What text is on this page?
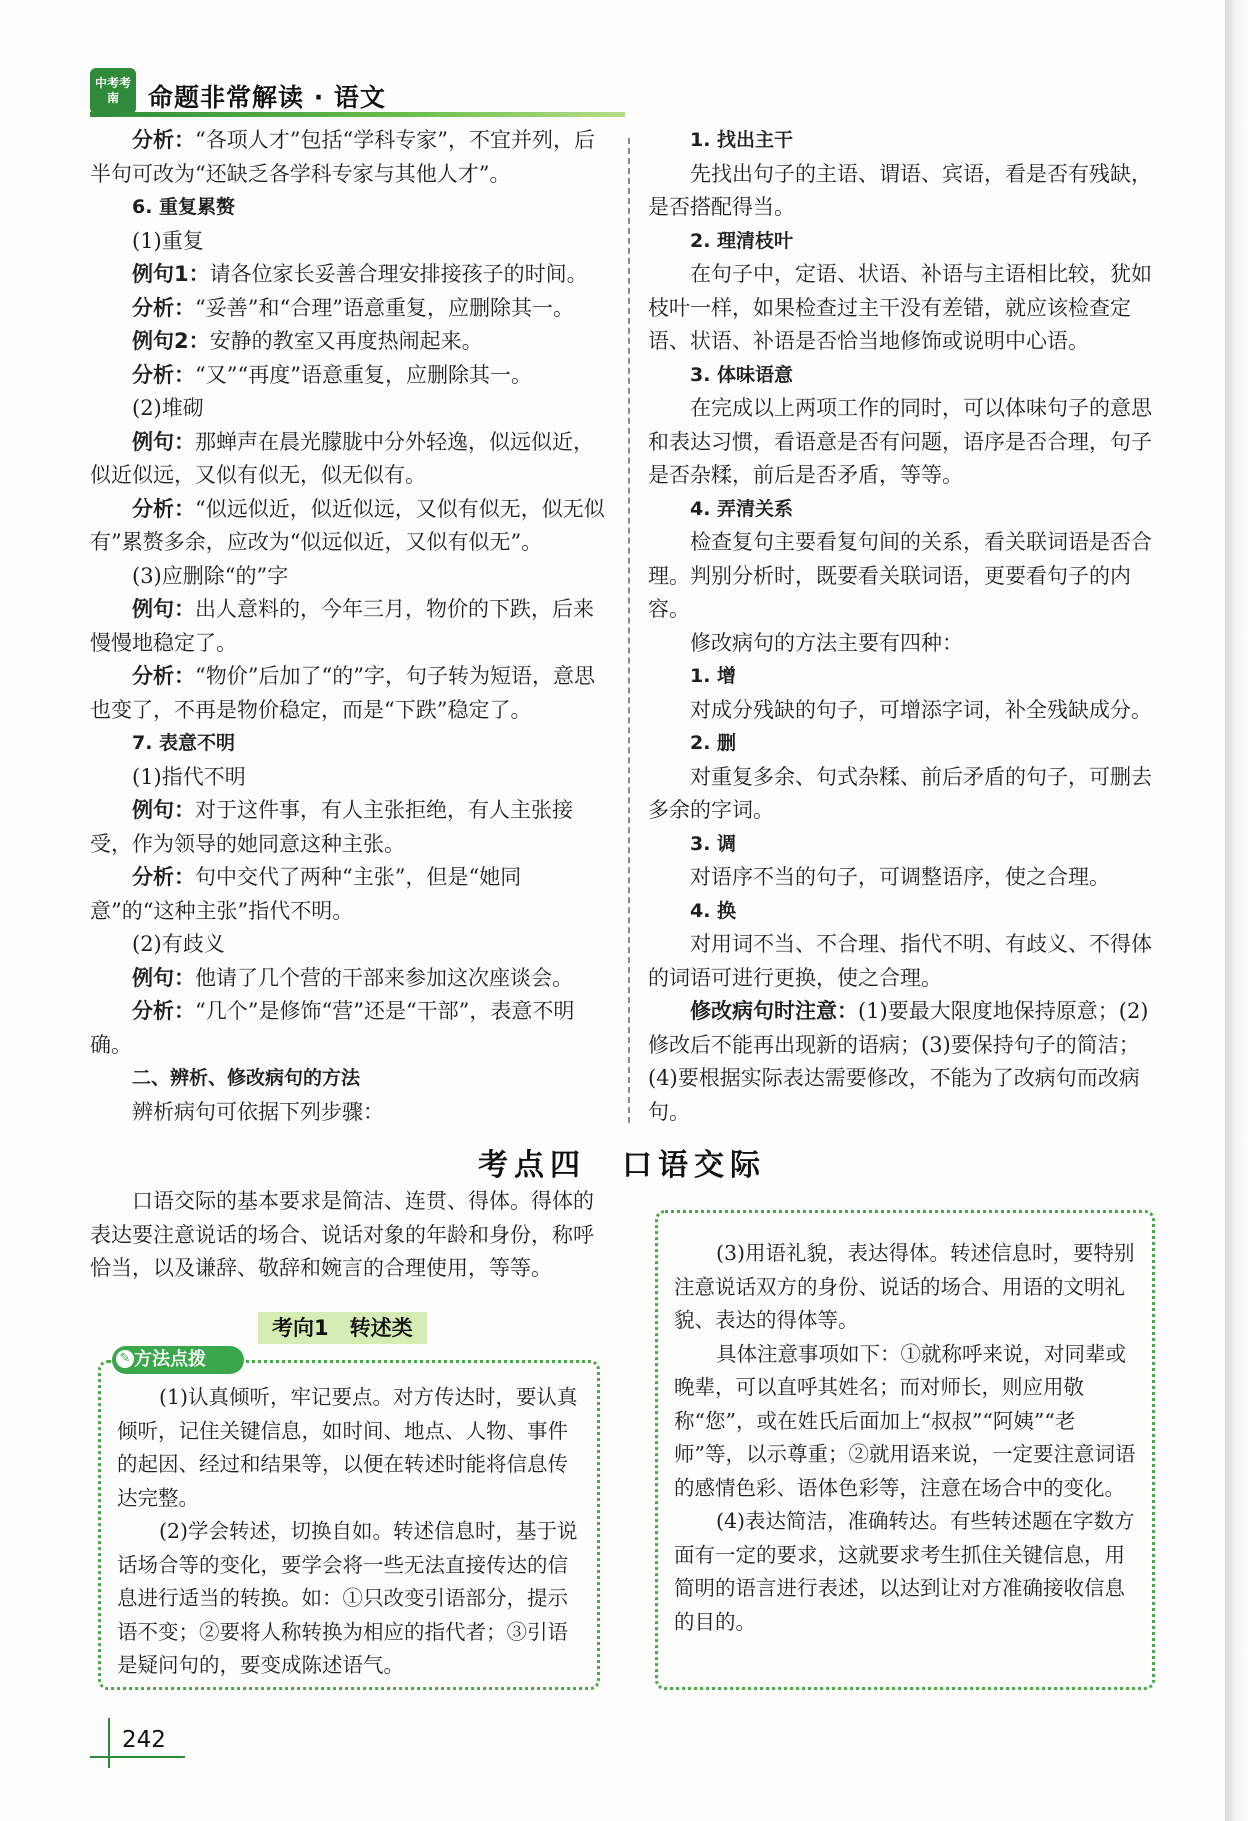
中考考南	命题非常解读 · 语文

分析：“各项人才”包括“学科专家”，不宜并列，后半句可改为“还缺乏各学科专家与其他人才”。

6. 重复累赘

(1)重复

例句1：请各位家长妥善合理安排接孩子的时间。

分析：“妥善”和“合理”语意重复，应删除其一。

例句2：安静的教室又再度热闹起来。

分析：“又”“再度”语意重复，应删除其一。

(2)堆砌

例句：那蝉声在晨光朦胧中分外轻逸，似远似近，似近似远，又似有似无，似无似有。

分析：“似远似近，似近似远，又似有似无，似无似有”累赘多余，应改为“似远似近，又似有似无”。

(3)应删除“的”字

例句：出人意料的，今年三月，物价的下跌，后来慢慢地稳定了。

分析：“物价”后加了“的”字，句子转为短语，意思也变了，不再是物价稳定，而是“下跌”稳定了。

7. 表意不明

(1)指代不明

例句：对于这件事，有人主张拒绝，有人主张接受，作为领导的她同意这种主张。

分析：句中交代了两种“主张”，但是“她同意”的“这种主张”指代不明。

(2)有歧义

例句：他请了几个营的干部来参加这次座谈会。

分析：“几个”是修饰“营”还是“干部”，表意不明确。

二、辨析、修改病句的方法

辨析病句可依据下列步骤：

1. 找出主干

先找出句子的主语、谓语、宾语，看是否有残缺，是否搭配得当。

2. 理清枝叶

在句子中，定语、状语、补语与主语相比较，犹如枝叶一样，如果检查过主干没有差错，就应该检查定语、状语、补语是否恰当地修饰或说明中心语。

3. 体味语意

在完成以上两项工作的同时，可以体味句子的意思和表达习惯，看语意是否有问题，语序是否合理，句子是否杂糅，前后是否矛盾，等等。

4. 弄清关系

检查复句主要看复句间的关系，看关联词语是否合理。判别分析时，既要看关联词语，更要看句子的内容。

修改病句的方法主要有四种：

1. 增

对成分残缺的句子，可增添字词，补全残缺成分。

2. 删

对重复多余、句式杂糅、前后矛盾的句子，可删去多余的字词。

3. 调

对语序不当的句子，可调整语序，使之合理。

4. 换

对用词不当、不合理、指代不明、有歧义、不得体的词语可进行更换，使之合理。

修改病句时注意：(1)要最大限度地保持原意；(2)修改后不能再出现新的语病；(3)要保持句子的简洁；(4)要根据实际表达需要修改，不能为了改病句而改病句。

考点四　口语交际

口语交际的基本要求是简洁、连贯、得体。得体的表达要注意说话的场合、说话对象的年龄和身份，称呼恰当，以及谦辞、敬辞和婉言的合理使用，等等。

考向1　转述类

(1)认真倾听，牢记要点。对方传达时，要认真倾听，记住关键信息，如时间、地点、人物、事件的起因、经过和结果等，以便在转述时能将信息传达完整。

(2)学会转述，切换自如。转述信息时，基于说话场合等的变化，要学会将一些无法直接传达的信息进行适当的转换。如：①只改变引语部分，提示语不变；②要将人称转换为相应的指代者；③引语是疑问句的，要变成陈述语气。

✎ 方法点拨

(3)用语礼貌，表达得体。转述信息时，要特别注意说话双方的身份、说话的场合、用语的文明礼貌、表达的得体等。

具体注意事项如下：①就称呼来说，对同辈或晚辈，可以直呼其姓名；而对师长，则应用敬称“您”，或在姓氏后面加上“叔叔”“阿姨”“老师”等，以示尊重；②就用语来说，一定要注意词语的感情色彩、语体色彩等，注意在场合中的变化。

(4)表达简洁，准确转达。有些转述题在字数方面有一定的要求，这就要求考生抓住关键信息，用简明的语言进行表述，以达到让对方准确接收信息的目的。

242
